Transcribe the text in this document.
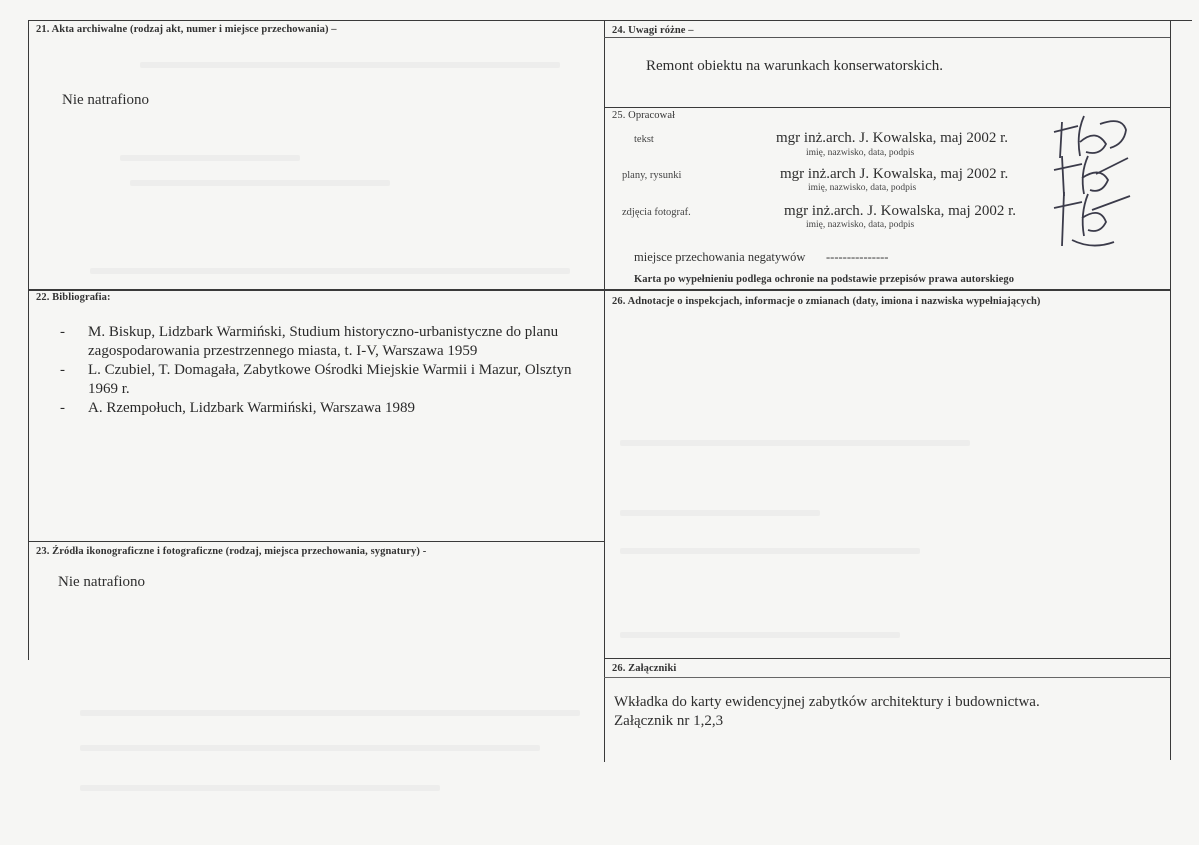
21. Akta archiwalne (rodzaj akt, numer i miejsce przechowania) –
Nie natrafiono
22. Bibliografia:
- M. Biskup, Lidzbark Warmiński, Studium historyczno-urbanistyczne do planu zagospodarowania przestrzennego miasta, t. I-V, Warszawa 1959
- L. Czubiel, T. Domagała, Zabytkowe Ośrodki Miejskie Warmii i Mazur, Olsztyn 1969 r.
- A. Rzempołuch, Lidzbark Warmiński, Warszawa 1989
23. Źródła ikonograficzne i fotograficzne (rodzaj, miejsca przechowania, sygnatury) -
Nie natrafiono
24. Uwagi różne –
Remont obiektu na warunkach konserwatorskich.
25. Opracował
tekst	mgr inż.arch. J. Kowalska, maj 2002 r.
imię, nazwisko, data, podpis
plany, rysunki	mgr inż.arch J. Kowalska, maj 2002 r.
imię, nazwisko, data, podpis
zdjęcia fotograf.	mgr inż.arch. J. Kowalska, maj 2002 r.
imię, nazwisko, data, podpis
miejsce przechowania negatywów ---------------
Karta po wypełnieniu podlega ochronie na podstawie przepisów prawa autorskiego
26. Adnotacje o inspekcjach, informacje o zmianach (daty, imiona i nazwiska wypełniających)
26. Załączniki
Wkładka do karty ewidencyjnej zabytków architektury i budownictwa.
Załącznik nr 1,2,3
